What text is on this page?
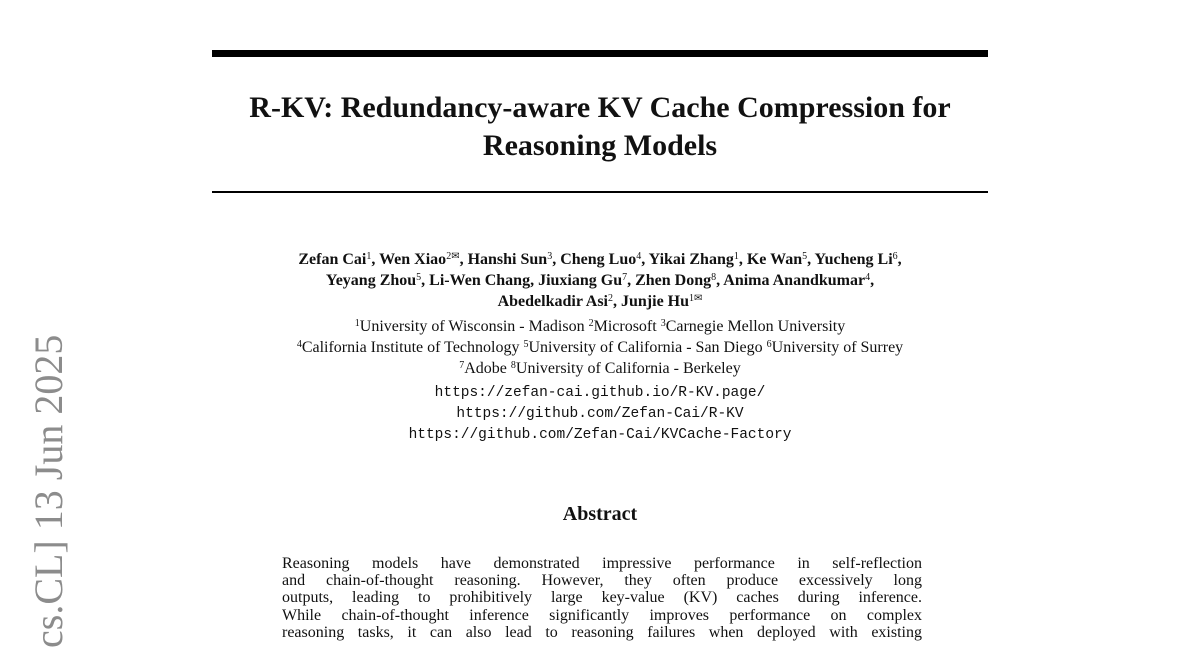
R-KV: Redundancy-aware KV Cache Compression for
Reasoning Models
Zefan Cai$^1$, Wen Xiao$^{2✉}$, Hanshi Sun$^3$, Cheng Luo$^4$, Yikai Zhang$^1$, Ke Wan$^5$, Yucheng Li$^6$,
Yeyang Zhou$^5$, Li-Wen Chang, Jiuxiang Gu$^7$, Zhen Dong$^8$, Anima Anandkumar$^4$,
Abedelkadir Asi$^2$, Junjie $Hu^{1✉}$
$^1$University of Wisconsin - Madison $^2$Microsoft $^3$Carnegie Mellon University
$^4$California Institute of Technology $^5$University of California - San Diego $^6$University of Surrey
$^7$Adobe $^8$University of California - Berkeley
https://zefan-cai.github.io/R-KV.page/
https://github.com/Zefan-Cai/R-KV
https://github.com/Zefan-Cai/KVCache-Factory
Abstract
Reasoning models have demonstrated impressive performance in self-reflection
and chain-of-thought reasoning. However, they often produce excessively long
outputs, leading to prohibitively large key-value (KV) caches during inference.
While chain-of-thought inference significantly improves performance on complex
reasoning tasks, it can also lead to reasoning failures when deployed with existing
cs.CL] 13 Jun 2025
